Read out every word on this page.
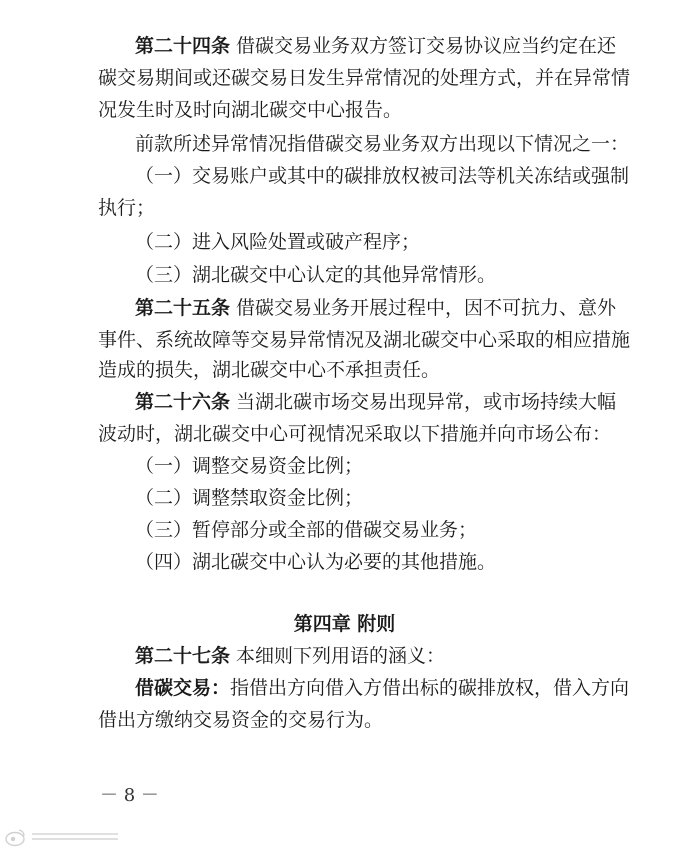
第二十四条 借碳交易业务双方签订交易协议应当约定在还
碳交易期间或还碳交易日发生异常情况的处理方式，并在异常情
况发生时及时向湖北碳交中心报告。
前款所述异常情况指借碳交易业务双方出现以下情况之一：
（一）交易账户或其中的碳排放权被司法等机关冻结或强制
执行；
（二）进入风险处置或破产程序；
（三）湖北碳交中心认定的其他异常情形。
第二十五条 借碳交易业务开展过程中，因不可抗力、意外
事件、系统故障等交易异常情况及湖北碳交中心采取的相应措施
造成的损失，湖北碳交中心不承担责任。
第二十六条 当湖北碳市场交易出现异常，或市场持续大幅
波动时，湖北碳交中心可视情况采取以下措施并向市场公布：
（一）调整交易资金比例；
（二）调整禁取资金比例；
（三）暂停部分或全部的借碳交易业务；
（四）湖北碳交中心认为必要的其他措施。
第四章 附则
第二十七条 本细则下列用语的涵义：
借碳交易：指借出方向借入方借出标的碳排放权，借入方向
借出方缴纳交易资金的交易行为。
－ 8 －
